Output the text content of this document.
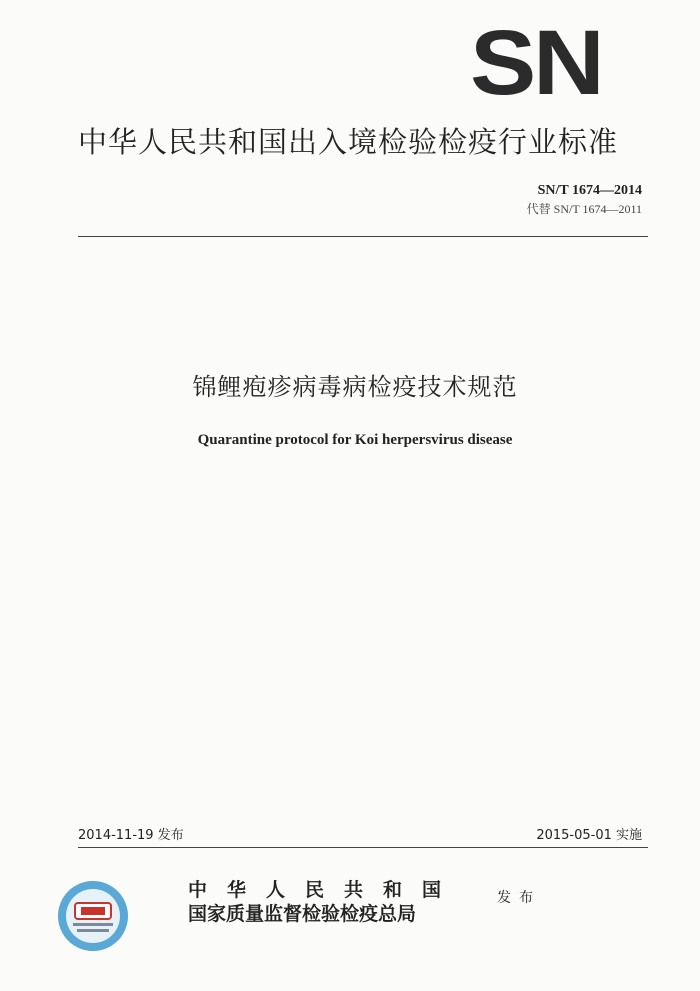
SN
中华人民共和国出入境检验检疫行业标准
SN/T 1674—2014
代替 SN/T 1674—2011
锦鲤疱疹病毒病检疫技术规范
Quarantine protocol for Koi herpersvirus disease
2014-11-19 发布	2015-05-01 实施
中华人民共和国
国家质量监督检验检疫总局
发布
